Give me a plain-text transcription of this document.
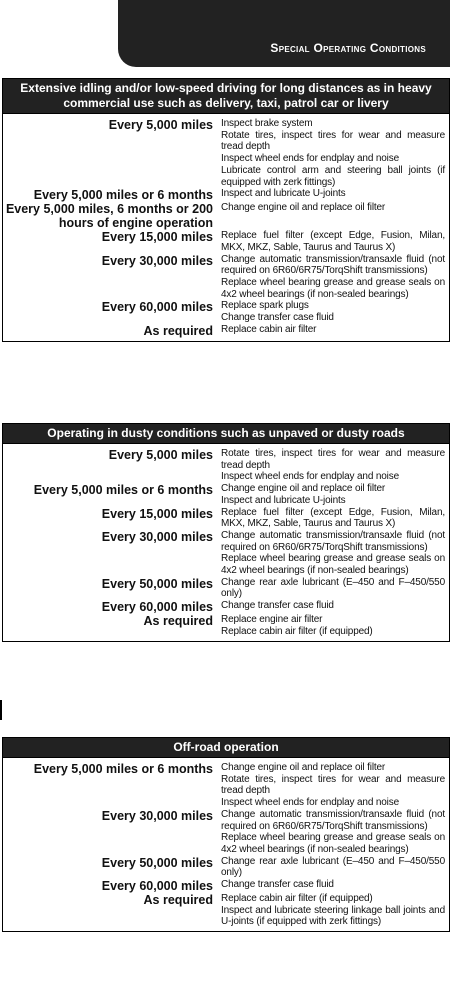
Special Operating Conditions
Extensive idling and/or low-speed driving for long distances as in heavy commercial use such as delivery, taxi, patrol car or livery
Every 5,000 miles Inspect brake system
Rotate tires, inspect tires for wear and measure tread depth
Inspect wheel ends for endplay and noise
Lubricate control arm and steering ball joints (if equipped with zerk fittings)
Every 5,000 miles or 6 months Inspect and lubricate U-joints
Every 5,000 miles, 6 months or 200 hours of engine operation
Change engine oil and replace oil filter
Every 15,000 miles Replace fuel filter (except Edge, Fusion, Milan, MKX, MKZ, Sable, Taurus and Taurus X)
Every 30,000 miles Change automatic transmission/transaxle fluid (not required on 6R60/6R75/TorqShift transmissions)
Replace wheel bearing grease and grease seals on 4x2 wheel bearings (if non-sealed bearings)
Every 60,000 miles Replace spark plugs
Change transfer case fluid
As required Replace cabin air filter
Operating in dusty conditions such as unpaved or dusty roads
Every 5,000 miles Rotate tires, inspect tires for wear and measure tread depth
Inspect wheel ends for endplay and noise
Every 5,000 miles or 6 months Change engine oil and replace oil filter
Inspect and lubricate U-joints
Every 15,000 miles Replace fuel filter (except Edge, Fusion, Milan, MKX, MKZ, Sable, Taurus and Taurus X)
Every 30,000 miles Change automatic transmission/transaxle fluid (not required on 6R60/6R75/TorqShift transmissions)
Replace wheel bearing grease and grease seals on 4x2 wheel bearings (if non-sealed bearings)
Every 50,000 miles Change rear axle lubricant (E–450 and F–450/550 only)
Every 60,000 miles Change transfer case fluid
As required Replace engine air filter
Replace cabin air filter (if equipped)
Off-road operation
Every 5,000 miles or 6 months Change engine oil and replace oil filter
Rotate tires, inspect tires for wear and measure tread depth
Inspect wheel ends for endplay and noise
Every 30,000 miles Change automatic transmission/transaxle fluid (not required on 6R60/6R75/TorqShift transmissions)
Replace wheel bearing grease and grease seals on 4x2 wheel bearings (if non-sealed bearings)
Every 50,000 miles Change rear axle lubricant (E–450 and F–450/550 only)
Every 60,000 miles Change transfer case fluid
As required Replace cabin air filter (if equipped)
Inspect and lubricate steering linkage ball joints and U-joints (if equipped with zerk fittings)
